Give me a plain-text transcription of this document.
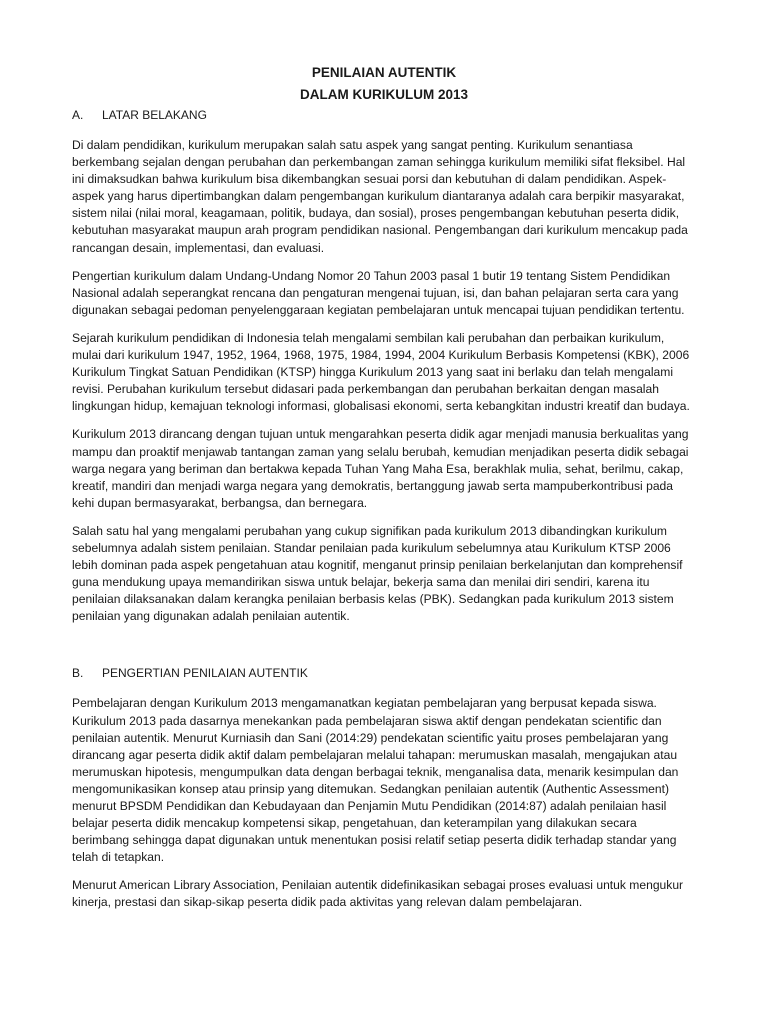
PENILAIAN AUTENTIK

DALAM KURIKULUM 2013

A.	LATAR BELAKANG

Di dalam pendidikan, kurikulum merupakan salah satu aspek yang sangat penting. Kurikulum senantiasa berkembang sejalan dengan perubahan dan perkembangan zaman sehingga kurikulum memiliki sifat fleksibel. Hal ini dimaksudkan bahwa kurikulum bisa dikembangkan sesuai porsi dan kebutuhan di dalam pendidikan. Aspek-aspek yang harus dipertimbangkan dalam pengembangan kurikulum diantaranya adalah cara berpikir masyarakat, sistem nilai (nilai moral, keagamaan, politik, budaya, dan sosial), proses pengembangan kebutuhan peserta didik, kebutuhan masyarakat maupun arah program pendidikan nasional. Pengembangan dari kurikulum mencakup pada rancangan desain, implementasi, dan evaluasi.

Pengertian kurikulum dalam Undang-Undang Nomor 20 Tahun 2003 pasal 1 butir 19 tentang Sistem Pendidikan Nasional adalah seperangkat rencana dan pengaturan mengenai tujuan, isi, dan bahan pelajaran serta cara yang digunakan sebagai pedoman penyelenggaraan kegiatan pembelajaran untuk mencapai tujuan pendidikan tertentu.

Sejarah kurikulum pendidikan di Indonesia telah mengalami sembilan kali perubahan dan perbaikan kurikulum, mulai dari kurikulum 1947, 1952, 1964, 1968, 1975, 1984, 1994, 2004 Kurikulum Berbasis Kompetensi (KBK), 2006 Kurikulum Tingkat Satuan Pendidikan (KTSP) hingga Kurikulum 2013 yang saat ini berlaku dan telah mengalami revisi. Perubahan kurikulum tersebut didasari pada perkembangan dan perubahan berkaitan dengan masalah lingkungan hidup, kemajuan teknologi informasi, globalisasi ekonomi, serta kebangkitan industri kreatif dan budaya.

Kurikulum 2013 dirancang dengan tujuan untuk mengarahkan peserta didik agar menjadi manusia berkualitas yang mampu dan proaktif menjawab tantangan zaman yang selalu berubah, kemudian menjadikan peserta didik sebagai warga negara yang beriman dan bertakwa kepada Tuhan Yang Maha Esa, berakhlak mulia, sehat, berilmu, cakap, kreatif, mandiri dan menjadi warga negara yang demokratis, bertanggung jawab serta mampuberkontribusi pada kehi dupan bermasyarakat, berbangsa, dan bernegara.

Salah satu hal yang mengalami perubahan yang cukup signifikan pada kurikulum 2013 dibandingkan kurikulum sebelumnya adalah sistem penilaian. Standar penilaian pada kurikulum sebelumnya atau Kurikulum KTSP 2006 lebih dominan pada aspek pengetahuan atau kognitif, menganut prinsip penilaian berkelanjutan dan komprehensif guna mendukung upaya memandirikan siswa untuk belajar, bekerja sama dan menilai diri sendiri, karena itu penilaian dilaksanakan dalam kerangka penilaian berbasis kelas (PBK). Sedangkan pada kurikulum 2013 sistem penilaian yang digunakan adalah penilaian autentik.

B.	PENGERTIAN PENILAIAN AUTENTIK

Pembelajaran dengan Kurikulum 2013 mengamanatkan kegiatan pembelajaran yang berpusat kepada siswa. Kurikulum 2013 pada dasarnya menekankan pada pembelajaran siswa aktif dengan pendekatan scientific dan penilaian autentik. Menurut Kurniasih dan Sani (2014:29) pendekatan scientific yaitu proses pembelajaran yang dirancang agar peserta didik aktif dalam pembelajaran melalui tahapan: merumuskan masalah, mengajukan atau merumuskan hipotesis, mengumpulkan data dengan berbagai teknik, menganalisa data, menarik kesimpulan dan mengomunikasikan konsep atau prinsip yang ditemukan. Sedangkan penilaian autentik (Authentic Assessment) menurut BPSDM Pendidikan dan Kebudayaan dan Penjamin Mutu Pendidikan (2014:87) adalah penilaian hasil belajar peserta didik mencakup kompetensi sikap, pengetahuan, dan keterampilan yang dilakukan secara berimbang sehingga dapat digunakan untuk menentukan posisi relatif setiap peserta didik terhadap standar yang telah di tetapkan.

Menurut American Library Association, Penilaian autentik didefinikasikan sebagai proses evaluasi untuk mengukur kinerja, prestasi dan sikap-sikap peserta didik pada aktivitas yang relevan dalam pembelajaran.
